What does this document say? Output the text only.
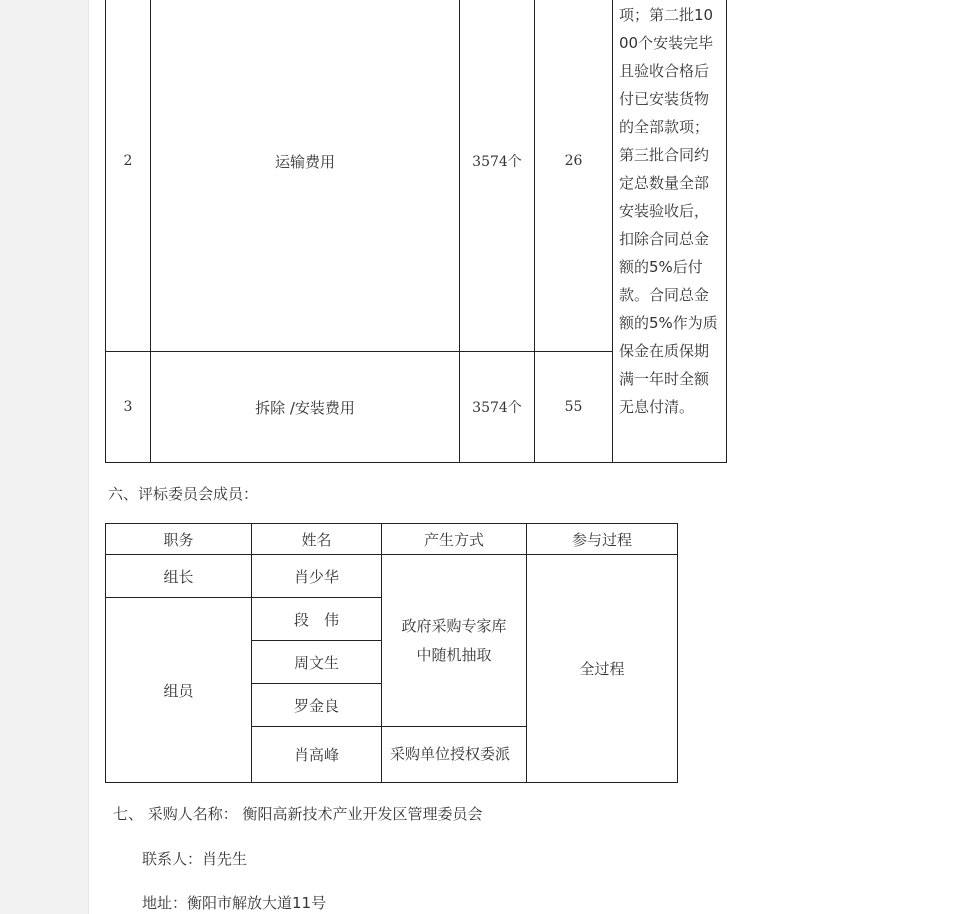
2	运输费用	3574个	26	项；第二批1000个安装完毕且验收合格后付已安装货物的全部款项；第三批合同约定总数量全部安装验收后，扣除合同总金额的5%后付款。合同总金额的5%作为质保金在质保期满一年时全额无息付清。
3	拆除 /安装费用	3574个	55	
六、评标委员会成员：
职务	姓名	产生方式	参与过程
组长	肖少华	政府采购专家库中随机抽取	全过程
组员	段　伟		
	周文生		
	罗金良		
	肖高峰	采购单位授权委派	
七、 采购人名称： 衡阳高新技术产业开发区管理委员会
联系人：肖先生
地址：衡阳市解放大道11号
